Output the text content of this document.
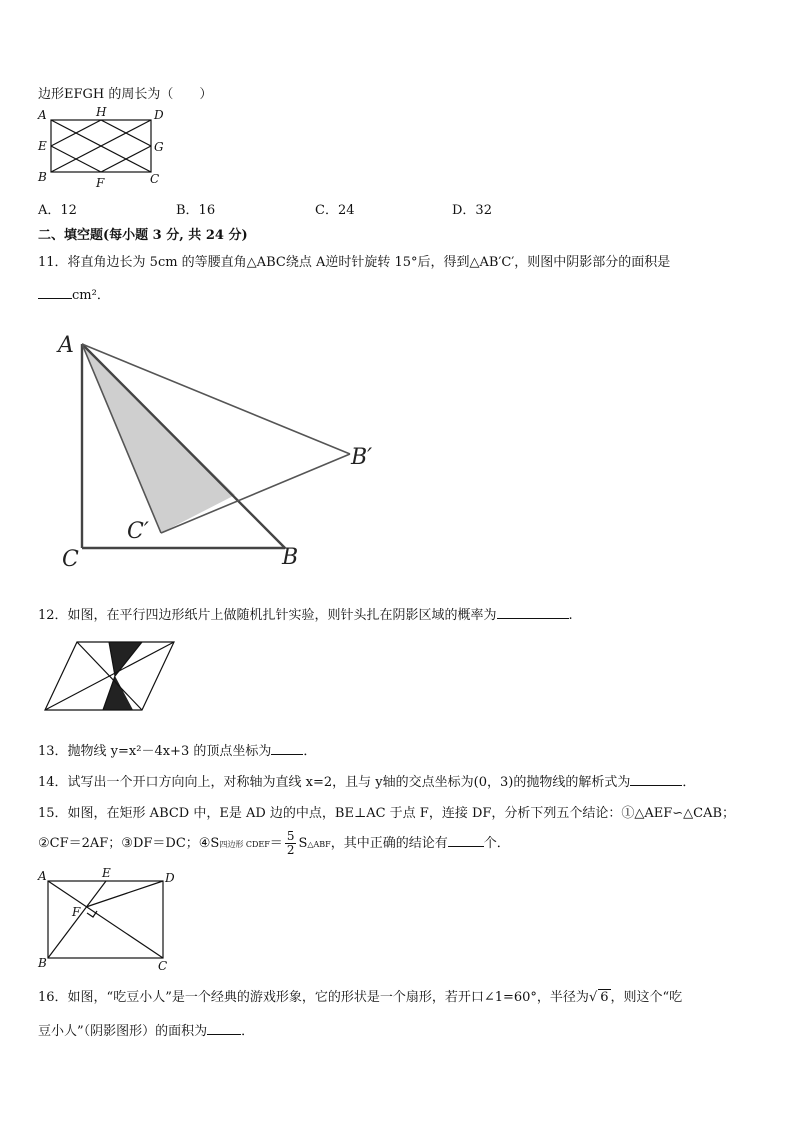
边形EFGH 的周长为（　　）
A	H	D
E	G
B	F	C
A．12	B．16	C．24	D．32
二、填空题(每小题 3 分, 共 24 分)
11．将直角边长为 5cm 的等腰直角△ABC绕点 A逆时针旋转 15°后，得到△AB′C′，则图中阴影部分的面积是
cm²．
A
C	B
B′
C′
12．如图，在平行四边形纸片上做随机扎针实验，则针头扎在阴影区域的概率为	.
13．抛物线 y=x²－4x+3 的顶点坐标为 ．
14．试写出一个开口方向向上，对称轴为直线 x=2，且与 y轴的交点坐标为(0，3)的抛物线的解析式为	．
15．如图，在矩形 ABCD 中，E是 AD 边的中点，BE⊥AC 于点 F，连接 DF，分析下列五个结论：①△AEF∽△CAB；
②CF＝2AF；③DF＝DC；④S四边形 CDEF＝ $\frac{5}{2}$ S△ABF，其中正确的结论有	个．
A	E	D
F
B	C
16．如图，“吃豆小人”是一个经典的游戏形象，它的形状是一个扇形，若开口∠1=60°，半径为√ 6 ，则这个“吃
豆小人”（阴影图形）的面积为	．
